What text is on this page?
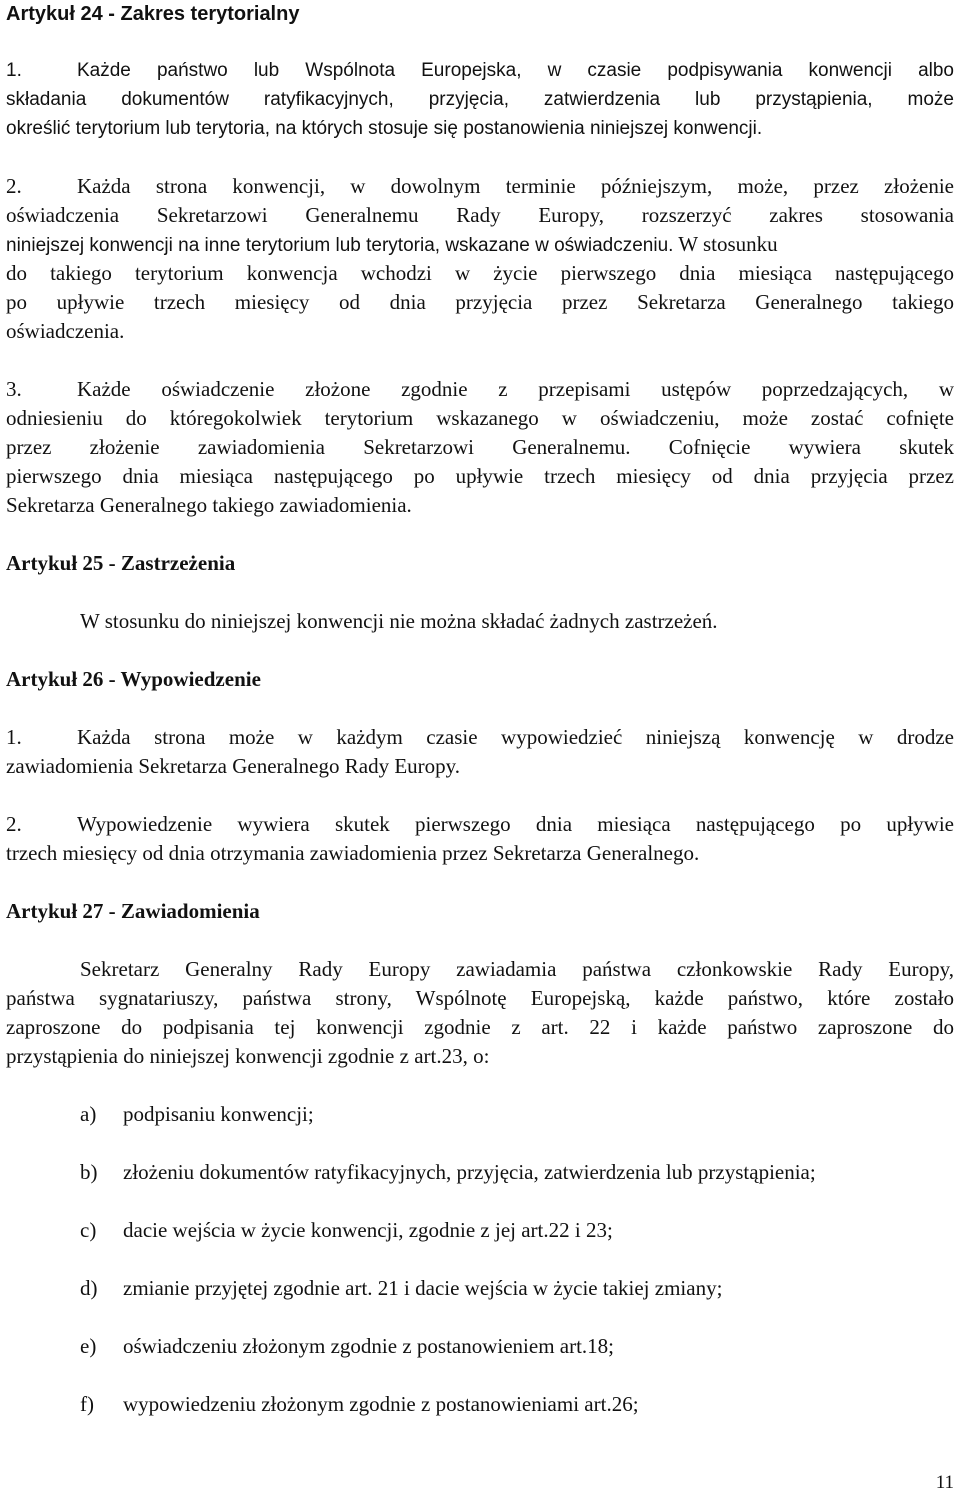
Artykuł 24 - Zakres terytorialny
1.	Każde państwo lub Wspólnota Europejska, w czasie podpisywania konwencji albo
składania dokumentów ratyfikacyjnych, przyjęcia, zatwierdzenia lub przystąpienia, może
określić terytorium lub terytoria, na których stosuje się postanowienia niniejszej konwencji.
2.	Każda strona konwencji, w dowolnym terminie późniejszym, może, przez złożenie
oświadczenia Sekretarzowi Generalnemu Rady Europy, rozszerzyć zakres stosowania
niniejszej konwencji na inne terytorium lub terytoria, wskazane w oświadczeniu. W stosunku
do takiego terytorium konwencja wchodzi w życie pierwszego dnia miesiąca następującego
po upływie trzech miesięcy od dnia przyjęcia przez Sekretarza Generalnego takiego
oświadczenia.
3.	Każde oświadczenie złożone zgodnie z przepisami ustępów poprzedzających, w
odniesieniu do któregokolwiek terytorium wskazanego w oświadczeniu, może zostać cofnięte
przez złożenie zawiadomienia Sekretarzowi Generalnemu. Cofnięcie wywiera skutek
pierwszego dnia miesiąca następującego po upływie trzech miesięcy od dnia przyjęcia przez
Sekretarza Generalnego takiego zawiadomienia.
Artykuł 25 - Zastrzeżenia
W stosunku do niniejszej konwencji nie można składać żadnych zastrzeżeń.
Artykuł 26 - Wypowiedzenie
1.	Każda strona może w każdym czasie wypowiedzieć niniejszą konwencję w drodze
zawiadomienia Sekretarza Generalnego Rady Europy.
2.	Wypowiedzenie wywiera skutek pierwszego dnia miesiąca następującego po upływie
trzech miesięcy od dnia otrzymania zawiadomienia przez Sekretarza Generalnego.
Artykuł 27 - Zawiadomienia
Sekretarz Generalny Rady Europy zawiadamia państwa członkowskie Rady Europy,
państwa sygnatariuszy, państwa strony, Wspólnotę Europejską, każde państwo, które zostało
zaproszone do podpisania tej konwencji zgodnie z art. 22 i każde państwo zaproszone do
przystąpienia do niniejszej konwencji zgodnie z art.23, o:
a) podpisaniu konwencji;
b) złożeniu dokumentów ratyfikacyjnych, przyjęcia, zatwierdzenia lub przystąpienia;
c) dacie wejścia w życie konwencji, zgodnie z jej art.22 i 23;
d) zmianie przyjętej zgodnie art. 21 i dacie wejścia w życie takiej zmiany;
e) oświadczeniu złożonym zgodnie z postanowieniem art.18;
f) wypowiedzeniu złożonym zgodnie z postanowieniami art.26;
11
